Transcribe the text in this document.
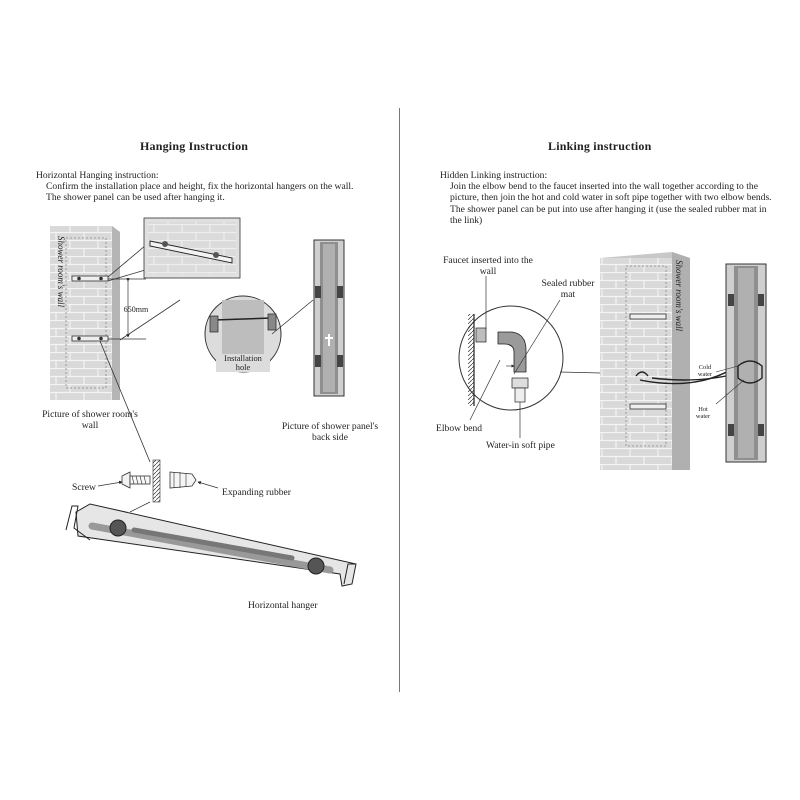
Hanging Instruction
Horizontal Hanging instruction:
Confirm the installation place and height, fix the horizontal hangers on the wall. The shower panel can be used after hanging it.
Linking instruction
Hidden Linking instruction:
Join the elbow bend to the faucet inserted into the wall together according to the picture, then join the hot and cold water in soft pipe together with two elbow bends. The shower panel can be put into use after hanging it (use the sealed rubber mat in the link)
Shower room's wall
650mm
Installation hole
Picture of shower room's wall	Picture of shower panel's back side
Screw	Expanding rubber
Horizontal hanger
Faucet inserted into the wall
Sealed rubber mat
Elbow bend
Water-in soft pipe
Shower room's wall
Cold water
Hot water
